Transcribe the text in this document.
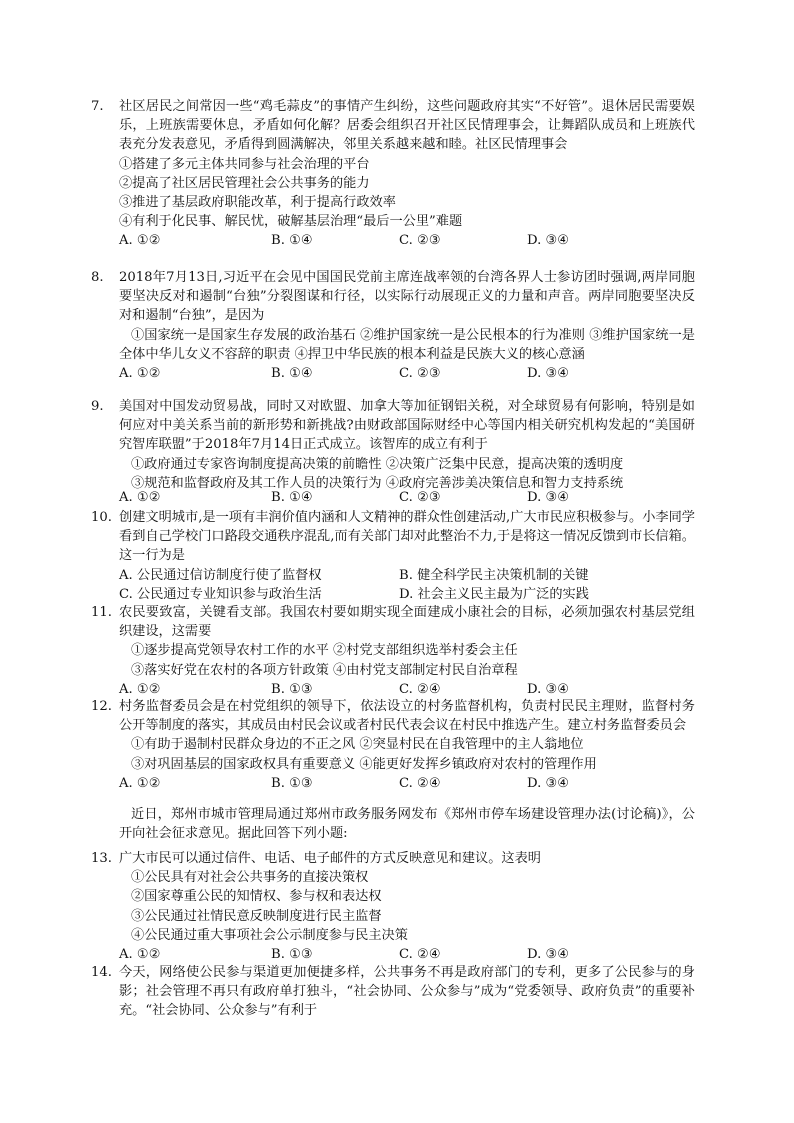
7. 社区居民之间常因一些“鸡毛蒜皮”的事情产生纠纷，这些问题政府其实“不好管”。退休居民需要娱乐，上班族需要休息，矛盾如何化解？居委会组织召开社区民情理事会，让舞蹈队成员和上班族代表充分发表意见，矛盾得到圆满解决，邻里关系越来越和睦。社区民情理事会

①搭建了多元主体共同参与社会治理的平台

②提高了社区居民管理社会公共事务的能力

③推进了基层政府职能改革，利于提高行政效率

④有利于化民事、解民忧，破解基层治理“最后一公里”难题

A. ①②	B. ①④	C. ②③	D. ③④
8. 2018年7月13日,习近平在会见中国国民党前主席连战率领的台湾各界人士参访团时强调,两岸同胞要坚决反对和遏制“台独”分裂图谋和行径，以实际行动展现正义的力量和声音。两岸同胞要坚决反对和遏制“台独”，是因为

①国家统一是国家生存发展的政治基石 ②维护国家统一是公民根本的行为准则 ③维护国家统一是全体中华儿女义不容辞的职责 ④捍卫中华民族的根本利益是民族大义的核心意涵

A. ①②	B. ①④	C. ②③	D. ③④
9. 美国对中国发动贸易战，同时又对欧盟、加拿大等加征钢铝关税，对全球贸易有何影响，特别是如何应对中美关系当前的新形势和新挑战?由财政部国际财经中心等国内相关研究机构发起的“美国研究智库联盟”于2018年7月14日正式成立。该智库的成立有利于

①政府通过专家咨询制度提高决策的前瞻性 ②决策广泛集中民意，提高决策的透明度

③规范和监督政府及其工作人员的决策行为 ④政府完善涉美决策信息和智力支持系统

A. ①②	B. ①④	C. ②③	D. ③④
10. 创建文明城市,是一项有丰润价值内涵和人文精神的群众性创建活动,广大市民应积极参与。小李同学看到自己学校门口路段交通秩序混乱,而有关部门却对此整治不力,于是将这一情况反馈到市长信箱。这一行为是

A. 公民通过信访制度行使了监督权	B. 健全科学民主决策机制的关键
C. 公民通过专业知识参与政治生活	D. 社会主义民主最为广泛的实践
11. 农民要致富，关键看支部。我国农村要如期实现全面建成小康社会的目标，必须加强农村基层党组织建设，这需要

①逐步提高党领导农村工作的水平 ②村党支部组织选举村委会主任

③落实好党在农村的各项方针政策 ④由村党支部制定村民自治章程

A. ①②	B. ①③	C. ②④	D. ③④
12. 村务监督委员会是在村党组织的领导下，依法设立的村务监督机构，负责村民民主理财，监督村务公开等制度的落实，其成员由村民会议或者村民代表会议在村民中推选产生。建立村务监督委员会

①有助于遏制村民群众身边的不正之风 ②突显村民在自我管理中的主人翁地位

③对巩固基层的国家政权具有重要意义 ④能更好发挥乡镇政府对农村的管理作用

A. ①②	B. ①③	C. ②④	D. ③④

近日，郑州市城市管理局通过郑州市政务服务网发布《郑州市停车场建设管理办法(讨论稿)》，公开向社会征求意见。据此回答下列小题:

13. 广大市民可以通过信件、电话、电子邮件的方式反映意见和建议。这表明

①公民具有对社会公共事务的直接决策权

②国家尊重公民的知情权、参与权和表达权

③公民通过社情民意反映制度进行民主监督

④公民通过重大事项社会公示制度参与民主决策

A. ①②	B. ①③	C. ②④	D. ③④
14. 今天，网络使公民参与渠道更加便捷多样，公共事务不再是政府部门的专利，更多了公民参与的身影；社会管理不再只有政府单打独斗，“社会协同、公众参与”成为“党委领导、政府负责”的重要补充。“社会协同、公众参与”有利于
